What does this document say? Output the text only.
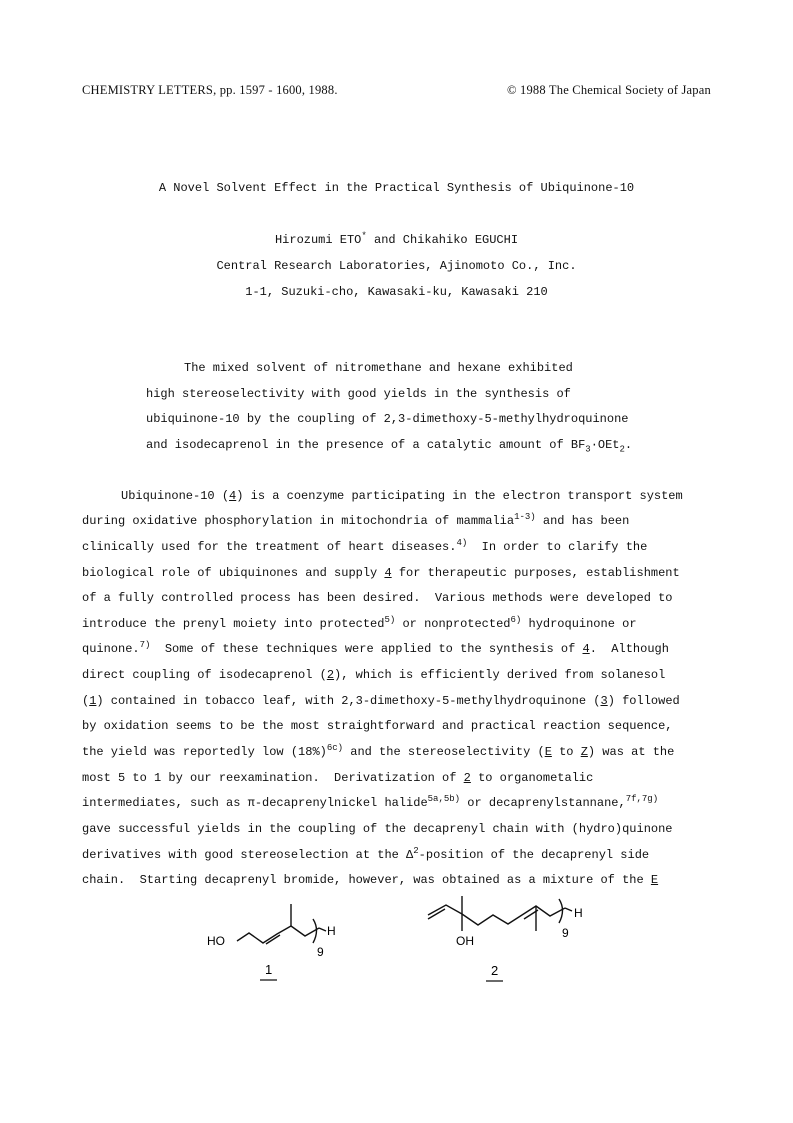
CHEMISTRY LETTERS, pp. 1597 - 1600, 1988.	© 1988 The Chemical Society of Japan
A Novel Solvent Effect in the Practical Synthesis of Ubiquinone-10
Hirozumi ETO* and Chikahiko EGUCHI
Central Research Laboratories, Ajinomoto Co., Inc.
1-1, Suzuki-cho, Kawasaki-ku, Kawasaki 210
The mixed solvent of nitromethane and hexane exhibited
high stereoselectivity with good yields in the synthesis of
ubiquinone-10 by the coupling of 2,3-dimethoxy-5-methylhydroquinone
and isodecaprenol in the presence of a catalytic amount of $BF_3\cdot OEt_2$.
Ubiquinone-10 (4) is a coenzyme participating in the electron transport system
during oxidative phosphorylation in mitochondria of mammalia$^{1-3)}$ and has been
clinically used for the treatment of heart diseases.$^{4)}$  In order to clarify the
biological role of ubiquinones and supply 4 for therapeutic purposes, establishment
of a fully controlled process has been desired.  Various methods were developed to
introduce the prenyl moiety into protected$^{5)}$ or nonprotected$^{6)}$ hydroquinone or
quinone.$^{7)}$  Some of these techniques were applied to the synthesis of 4.  Although
direct coupling of isodecaprenol (2), which is efficiently derived from solanesol
(1) contained in tobacco leaf, with 2,3-dimethoxy-5-methylhydroquinone (3) followed
by oxidation seems to be the most straightforward and practical reaction sequence,
the yield was reportedly low $(18\%)^{6c)}$ and the stereoselectivity (E to Z) was at the
most 5 to 1 by our reexamination.  Derivatization of 2 to organometalic
intermediates, such as π-decaprenylnickel halide$^{5a,5b)}$ or decaprenylstannane,$^{7f,7g)}$
gave successful yields in the coupling of the decaprenyl chain with (hydro)quinone
derivatives with good stereoselection at the $\Delta^2$-position of the decaprenyl side
chain.  Starting decaprenyl bromide, however, was obtained as a mixture of the E
HO
H
9
1
OH
H
9
2
